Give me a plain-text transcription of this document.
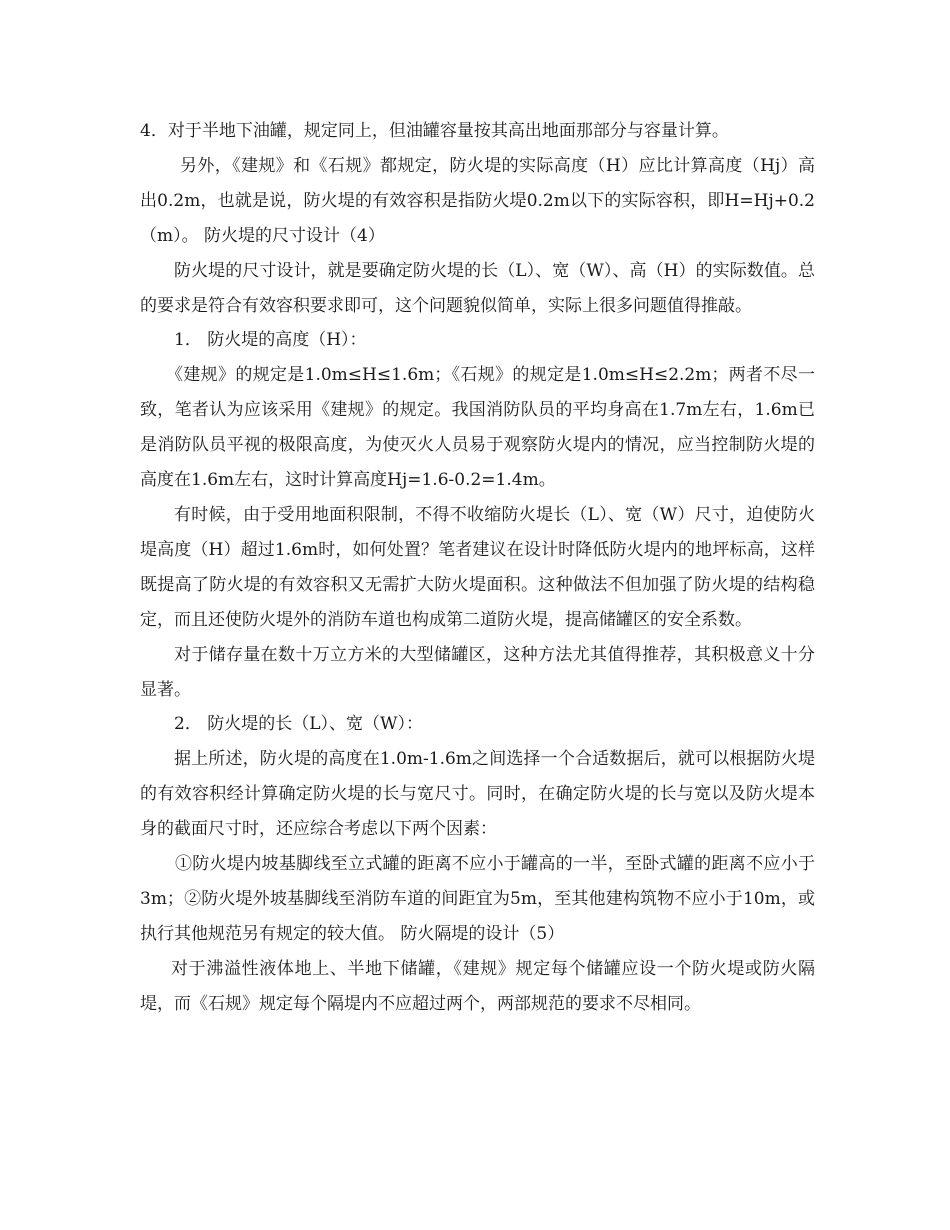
4．对于半地下油罐，规定同上，但油罐容量按其高出地面那部分与容量计算。

另外，《建规》和《石规》都规定，防火堤的实际高度（H）应比计算高度（Hj）高出0.2m，也就是说，防火堤的有效容积是指防火堤0.2m以下的实际容积，即H=Hj+0.2（m）。 防火堤的尺寸设计（4）

防火堤的尺寸设计，就是要确定防火堤的长（L）、宽（W）、高（H）的实际数值。总的要求是符合有效容积要求即可，这个问题貌似简单，实际上很多问题值得推敲。

1． 防火堤的高度（H）：

《建规》的规定是1.0m≤H≤1.6m；《石规》的规定是1.0m≤H≤2.2m；两者不尽一致，笔者认为应该采用《建规》的规定。我国消防队员的平均身高在1.7m左右，1.6m已是消防队员平视的极限高度，为使灭火人员易于观察防火堤内的情况，应当控制防火堤的高度在1.6m左右，这时计算高度Hj=1.6-0.2=1.4m。

有时候，由于受用地面积限制，不得不收缩防火堤长（L）、宽（W）尺寸，迫使防火堤高度（H）超过1.6m时，如何处置？笔者建议在设计时降低防火堤内的地坪标高，这样既提高了防火堤的有效容积又无需扩大防火堤面积。这种做法不但加强了防火堤的结构稳定，而且还使防火堤外的消防车道也构成第二道防火堤，提高储罐区的安全系数。

对于储存量在数十万立方米的大型储罐区，这种方法尤其值得推荐，其积极意义十分显著。

2． 防火堤的长（L）、宽（W）：

据上所述，防火堤的高度在1.0m-1.6m之间选择一个合适数据后，就可以根据防火堤的有效容积经计算确定防火堤的长与宽尺寸。同时，在确定防火堤的长与宽以及防火堤本身的截面尺寸时，还应综合考虑以下两个因素：

①防火堤内坡基脚线至立式罐的距离不应小于罐高的一半，至卧式罐的距离不应小于3m；②防火堤外坡基脚线至消防车道的间距宜为5m，至其他建构筑物不应小于10m，或执行其他规范另有规定的较大值。 防火隔堤的设计（5）

对于沸溢性液体地上、半地下储罐，《建规》规定每个储罐应设一个防火堤或防火隔堤，而《石规》规定每个隔堤内不应超过两个，两部规范的要求不尽相同。
